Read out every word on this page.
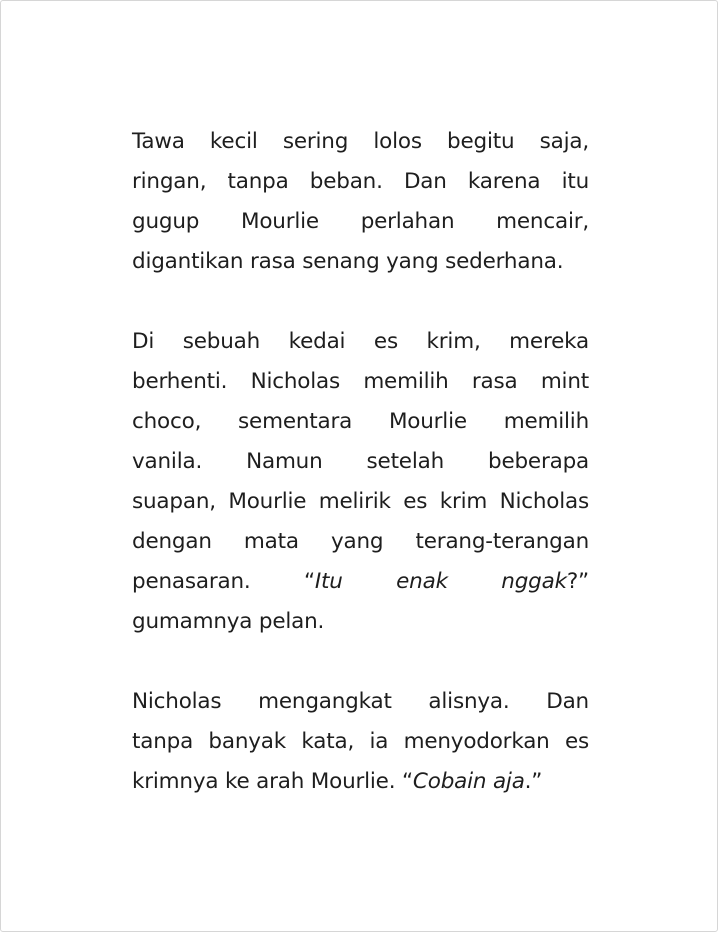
Tawa kecil sering lolos begitu saja,
ringan, tanpa beban. Dan karena itu
gugup Mourlie perlahan mencair,
digantikan rasa senang yang sederhana.

Di sebuah kedai es krim, mereka
berhenti. Nicholas memilih rasa mint
choco, sementara Mourlie memilih
vanila. Namun setelah beberapa
suapan, Mourlie melirik es krim Nicholas
dengan mata yang terang-terangan
penasaran. “Itu enak nggak?”
gumamnya pelan.

Nicholas mengangkat alisnya. Dan
tanpa banyak kata, ia menyodorkan es
krimnya ke arah Mourlie. “Cobain aja.”
